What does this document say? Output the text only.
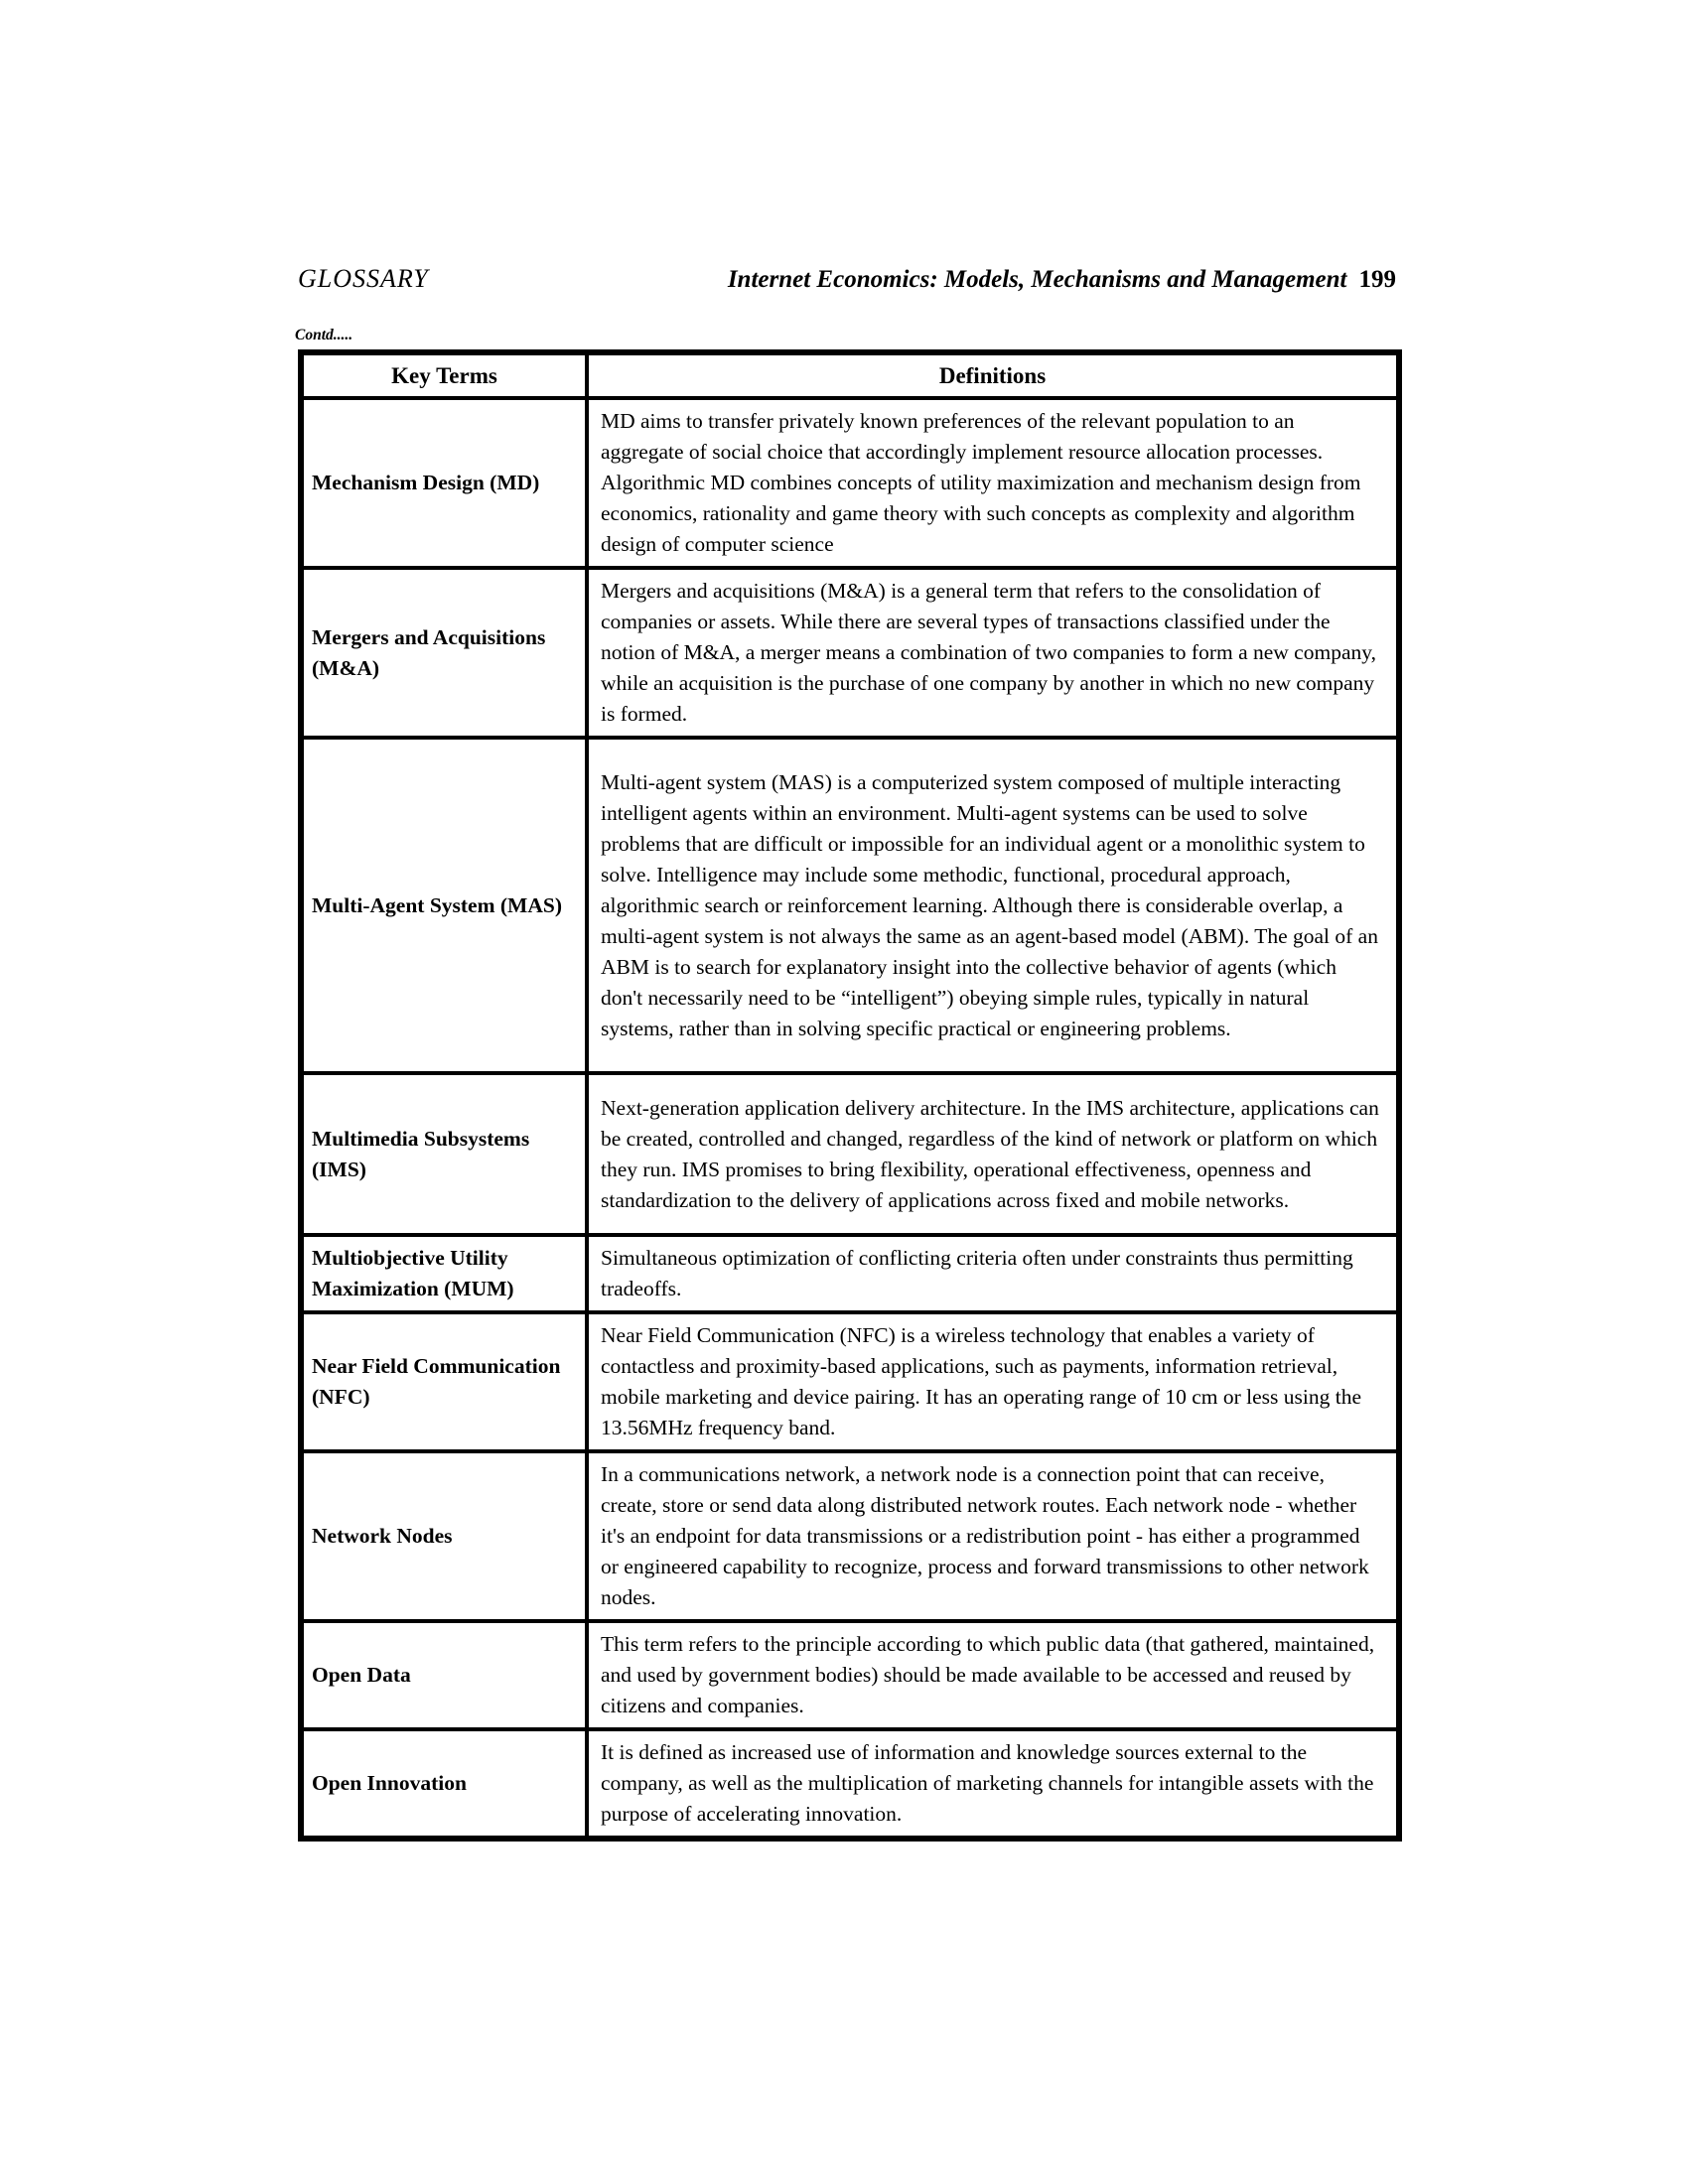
GLOSSARY	Internet Economics: Models, Mechanisms and Management 199
Contd.....
Key Terms	Definitions
Mechanism Design (MD)	MD aims to transfer privately known preferences of the relevant population to an aggregate of social choice that accordingly implement resource allocation processes. Algorithmic MD combines concepts of utility maximization and mechanism design from economics, rationality and game theory with such concepts as complexity and algorithm design of computer science
Mergers and Acquisitions (M&A)	Mergers and acquisitions (M&A) is a general term that refers to the consolidation of companies or assets. While there are several types of transactions classified under the notion of M&A, a merger means a combination of two companies to form a new company, while an acquisition is the purchase of one company by another in which no new company is formed.
Multi-Agent System (MAS)	Multi-agent system (MAS) is a computerized system composed of multiple interacting intelligent agents within an environment. Multi-agent systems can be used to solve problems that are difficult or impossible for an individual agent or a monolithic system to solve. Intelligence may include some methodic, functional, procedural approach, algorithmic search or reinforcement learning. Although there is considerable overlap, a multi-agent system is not always the same as an agent-based model (ABM). The goal of an ABM is to search for explanatory insight into the collective behavior of agents (which don't necessarily need to be “intelligent”) obeying simple rules, typically in natural systems, rather than in solving specific practical or engineering problems.
Multimedia Subsystems (IMS)	Next-generation application delivery architecture. In the IMS architecture, applications can be created, controlled and changed, regardless of the kind of network or platform on which they run. IMS promises to bring flexibility, operational effectiveness, openness and standardization to the delivery of applications across fixed and mobile networks.
Multiobjective Utility Maximization (MUM)	Simultaneous optimization of conflicting criteria often under constraints thus permitting tradeoffs.
Near Field Communication (NFC)	Near Field Communication (NFC) is a wireless technology that enables a variety of contactless and proximity-based applications, such as payments, information retrieval, mobile marketing and device pairing. It has an operating range of 10 cm or less using the 13.56MHz frequency band.
Network Nodes	In a communications network, a network node is a connection point that can receive, create, store or send data along distributed network routes. Each network node - whether it's an endpoint for data transmissions or a redistribution point - has either a programmed or engineered capability to recognize, process and forward transmissions to other network nodes.
Open Data	This term refers to the principle according to which public data (that gathered, maintained, and used by government bodies) should be made available to be accessed and reused by citizens and companies.
Open Innovation	It is defined as increased use of information and knowledge sources external to the company, as well as the multiplication of marketing channels for intangible assets with the purpose of accelerating innovation.
